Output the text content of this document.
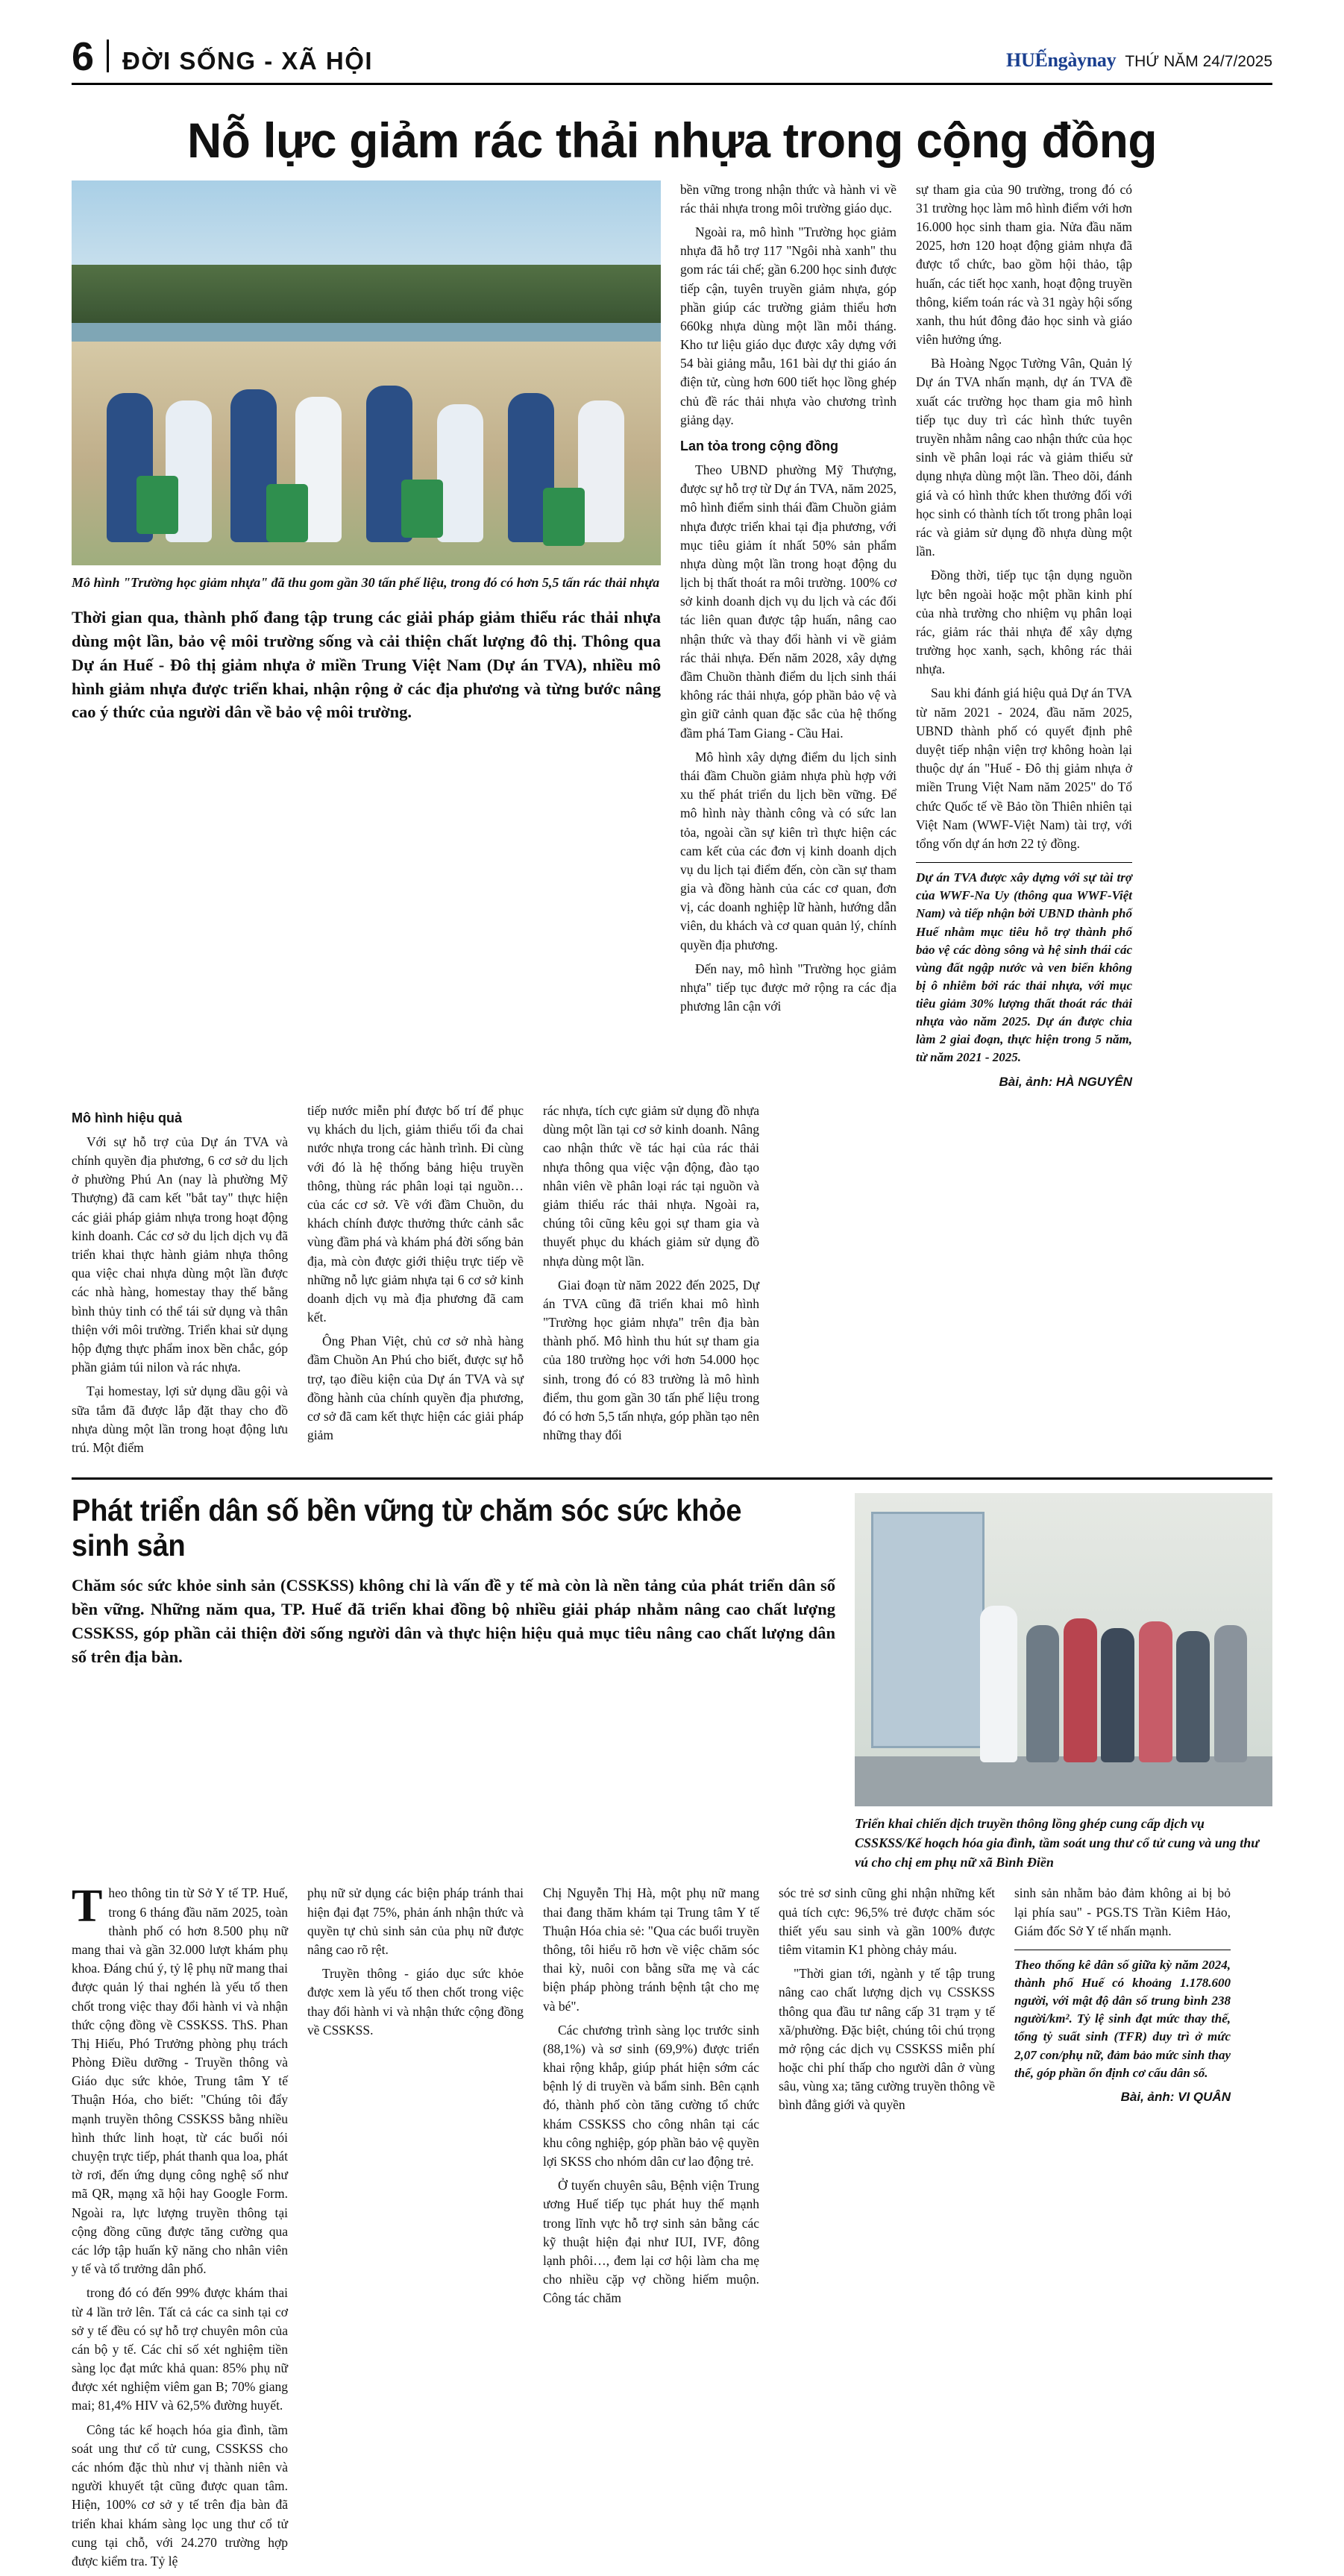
6 ĐỜI SỐNG - XÃ HỘI	HUẾngàynay THỨ NĂM 24/7/2025
Nỗ lực giảm rác thải nhựa trong cộng đồng
Mô hình "Trường học giảm nhựa" đã thu gom gần 30 tấn phế liệu, trong đó có hơn 5,5 tấn rác thải nhựa
Thời gian qua, thành phố đang tập trung các giải pháp giảm thiểu rác thải nhựa dùng một lần, bảo vệ môi trường sống và cải thiện chất lượng đô thị. Thông qua Dự án Huế - Đô thị giảm nhựa ở miền Trung Việt Nam (Dự án TVA), nhiều mô hình giảm nhựa được triển khai, nhận rộng ở các địa phương và từng bước nâng cao ý thức của người dân về bảo vệ môi trường.

bền vững trong nhận thức và hành vi về rác thải nhựa trong môi trường giáo dục.

Ngoài ra, mô hình "Trường học giảm nhựa đã hỗ trợ 117 "Ngôi nhà xanh" thu gom rác tái chế; gần 6.200 học sinh được tiếp cận, tuyên truyền giảm nhựa, góp phần giúp các trường giảm thiểu hơn 660kg nhựa dùng một lần mỗi tháng. Kho tư liệu giáo dục được xây dựng với 54 bài giảng mẫu, 161 bài dự thi giáo án điện tử, cùng hơn 600 tiết học lồng ghép chủ đề rác thải nhựa vào chương trình giảng dạy.

Lan tỏa trong cộng đồng

Theo UBND phường Mỹ Thượng, được sự hỗ trợ từ Dự án TVA, năm 2025, mô hình điểm sinh thái đầm Chuồn giảm nhựa được triển khai tại địa phương, với mục tiêu giảm ít nhất 50% sản phẩm nhựa dùng một lần trong hoạt động du lịch bị thất thoát ra môi trường. 100% cơ sở kinh doanh dịch vụ du lịch và các đối tác liên quan được tập huấn, nâng cao nhận thức và thay đổi hành vi về giảm rác thải nhựa. Đến năm 2028, xây dựng đầm Chuồn thành điểm du lịch sinh thái không rác thải nhựa, góp phần bảo vệ và gìn giữ cảnh quan đặc sắc của hệ thống đầm phá Tam Giang - Cầu Hai.

Mô hình xây dựng điểm du lịch sinh thái đầm Chuồn giảm nhựa phù hợp với xu thế phát triển du lịch bền vững. Để mô hình này thành công và có sức lan tỏa, ngoài cần sự kiên trì thực hiện các cam kết của các đơn vị kinh doanh dịch vụ du lịch tại điểm đến, còn cần sự tham gia và đồng hành của các cơ quan, đơn vị, các doanh nghiệp lữ hành, hướng dẫn viên, du khách và cơ quan quản lý, chính quyền địa phương.

Đến nay, mô hình "Trường học giảm nhựa" tiếp tục được mở rộng ra các địa phương lân cận với

sự tham gia của 90 trường, trong đó có 31 trường học làm mô hình điểm với hơn 16.000 học sinh tham gia. Nửa đầu năm 2025, hơn 120 hoạt động giảm nhựa đã được tổ chức, bao gồm hội thảo, tập huấn, các tiết học xanh, hoạt động truyền thông, kiểm toán rác và 31 ngày hội sống xanh, thu hút đông đảo học sinh và giáo viên hưởng ứng.

Bà Hoàng Ngọc Tường Vân, Quản lý Dự án TVA nhấn mạnh, dự án TVA đề xuất các trường học tham gia mô hình tiếp tục duy trì các hình thức tuyên truyền nhằm nâng cao nhận thức của học sinh về phân loại rác và giảm thiểu sử dụng nhựa dùng một lần. Theo dõi, đánh giá và có hình thức khen thưởng đối với học sinh có thành tích tốt trong phân loại rác và giảm sử dụng đồ nhựa dùng một lần.

Đồng thời, tiếp tục tận dụng nguồn lực bên ngoài hoặc một phần kinh phí của nhà trường cho nhiệm vụ phân loại rác, giảm rác thải nhựa để xây dựng trường học xanh, sạch, không rác thải nhựa.

Sau khi đánh giá hiệu quả Dự án TVA từ năm 2021 - 2024, đầu năm 2025, UBND thành phố có quyết định phê duyệt tiếp nhận viện trợ không hoàn lại thuộc dự án "Huế - Đô thị giảm nhựa ở miền Trung Việt Nam năm 2025" do Tổ chức Quốc tế về Bảo tồn Thiên nhiên tại Việt Nam (WWF-Việt Nam) tài trợ, với tổng vốn dự án hơn 22 tỷ đồng.

Dự án TVA được xây dựng với sự tài trợ của WWF-Na Uy (thông qua WWF-Việt Nam) và tiếp nhận bởi UBND thành phố Huế nhằm mục tiêu hỗ trợ thành phố bảo vệ các dòng sông và hệ sinh thái các vùng đất ngập nước và ven biển không bị ô nhiễm bởi rác thải nhựa, với mục tiêu giảm 30% lượng thất thoát rác thải nhựa vào năm 2025. Dự án được chia làm 2 giai đoạn, thực hiện trong 5 năm, từ năm 2021 - 2025.
Bài, ảnh: HÀ NGUYÊN
Mô hình hiệu quả

Với sự hỗ trợ của Dự án TVA và chính quyền địa phương, 6 cơ sở du lịch ở phường Phú An (nay là phường Mỹ Thượng) đã cam kết "bắt tay" thực hiện các giải pháp giảm nhựa trong hoạt động kinh doanh. Các cơ sở du lịch dịch vụ đã triển khai thực hành giảm nhựa thông qua việc chai nhựa dùng một lần được các nhà hàng, homestay thay thế bằng bình thủy tinh có thể tái sử dụng và thân thiện với môi trường. Triển khai sử dụng hộp đựng thực phẩm inox bền chắc, góp phần giảm túi nilon và rác nhựa.

Tại homestay, lợi sử dụng dầu gội và sữa tắm đã được lắp đặt thay cho đồ nhựa dùng một lần trong hoạt động lưu trú. Một điểm

tiếp nước miễn phí được bố trí để phục vụ khách du lịch, giảm thiểu tối đa chai nước nhựa trong các hành trình. Đi cùng với đó là hệ thống bảng hiệu truyền thông, thùng rác phân loại tại nguồn… của các cơ sở. Về với đầm Chuồn, du khách chính được thưởng thức cảnh sắc vùng đầm phá và khám phá đời sống bản địa, mà còn được giới thiệu trực tiếp về những nỗ lực giảm nhựa tại 6 cơ sở kinh doanh dịch vụ mà địa phương đã cam kết.

Ông Phan Việt, chủ cơ sở nhà hàng đầm Chuồn An Phú cho biết, được sự hỗ trợ, tạo điều kiện của Dự án TVA và sự đồng hành của chính quyền địa phương, cơ sở đã cam kết thực hiện các giải pháp giảm

rác nhựa, tích cực giảm sử dụng đồ nhựa dùng một lần tại cơ sở kinh doanh. Nâng cao nhận thức về tác hại của rác thải nhựa thông qua việc vận động, đào tạo nhân viên về phân loại rác tại nguồn và giảm thiểu rác thải nhựa. Ngoài ra, chúng tôi cũng kêu gọi sự tham gia và thuyết phục du khách giảm sử dụng đồ nhựa dùng một lần.

Giai đoạn từ năm 2022 đến 2025, Dự án TVA cũng đã triển khai mô hình "Trường học giảm nhựa" trên địa bàn thành phố. Mô hình thu hút sự tham gia của 180 trường học với hơn 54.000 học sinh, trong đó có 83 trường là mô hình điểm, thu gom gần 30 tấn phế liệu trong đó có hơn 5,5 tấn nhựa, góp phần tạo nên những thay đổi

Phát triển dân số bền vững từ chăm sóc sức khỏe sinh sản
Chăm sóc sức khỏe sinh sản (CSSKSS) không chỉ là vấn đề y tế mà còn là nền tảng của phát triển dân số bền vững. Những năm qua, TP. Huế đã triển khai đồng bộ nhiều giải pháp nhằm nâng cao chất lượng CSSKSS, góp phần cải thiện đời sống người dân và thực hiện hiệu quả mục tiêu nâng cao chất lượng dân số trên địa bàn.
Triển khai chiến dịch truyền thông lồng ghép cung cấp dịch vụ CSSKSS/Kế hoạch hóa gia đình, tầm soát ung thư cổ tử cung và ung thư vú cho chị em phụ nữ xã Bình Điền

Theo thông tin từ Sở Y tế TP. Huế, trong 6 tháng đầu năm 2025, toàn thành phố có hơn 8.500 phụ nữ mang thai và gần 32.000 lượt khám phụ khoa. Đáng chú ý, tỷ lệ phụ nữ mang thai được quản lý thai nghén là yếu tố then chốt trong việc thay đổi hành vi và nhận thức cộng đồng về CSSKSS. ThS. Phan Thị Hiếu, Phó Trưởng phòng phụ trách Phòng Điều dưỡng - Truyền thông và Giáo dục sức khỏe, Trung tâm Y tế Thuận Hóa, cho biết: "Chúng tôi đẩy mạnh truyền thông CSSKSS bằng nhiều hình thức linh hoạt, từ các buổi nói chuyện trực tiếp, phát thanh qua loa, phát tờ rơi, đến ứng dụng công nghệ số như mã QR, mạng xã hội hay Google Form. Ngoài ra, lực lượng truyền thông tại cộng đồng cũng được tăng cường qua các lớp tập huấn kỹ năng cho nhân viên y tế và tổ trưởng dân phố.

trong đó có đến 99% được khám thai từ 4 lần trở lên. Tất cả các ca sinh tại cơ sở y tế đều có sự hỗ trợ chuyên môn của cán bộ y tế. Các chỉ số xét nghiệm tiền sàng lọc đạt mức khả quan: 85% phụ nữ được xét nghiệm viêm gan B; 70% giang mai; 81,4% HIV và 62,5% đường huyết.

Công tác kế hoạch hóa gia đình, tầm soát ung thư cổ tử cung, CSSKSS cho các nhóm đặc thù như vị thành niên và người khuyết tật cũng được quan tâm. Hiện, 100% cơ sở y tế trên địa bàn đã triển khai khám sàng lọc ung thư cổ tử cung tại chỗ, với 24.270 trường hợp được kiểm tra. Tỷ lệ

phụ nữ sử dụng các biện pháp tránh thai hiện đại đạt 75%, phản ánh nhận thức và quyền tự chủ sinh sản của phụ nữ được nâng cao rõ rệt.

Truyền thông - giáo dục sức khỏe được xem là yếu tố then chốt trong việc thay đổi hành vi và nhận thức cộng đồng về CSSKSS.

Chị Nguyễn Thị Hà, một phụ nữ mang thai đang thăm khám tại Trung tâm Y tế Thuận Hóa chia sẻ: "Qua các buổi truyền thông, tôi hiểu rõ hơn về việc chăm sóc thai kỳ, nuôi con bằng sữa mẹ và các biện pháp phòng tránh bệnh tật cho mẹ và bé".

Các chương trình sàng lọc trước sinh (88,1%) và sơ sinh (69,9%) được triển khai rộng khắp, giúp phát hiện sớm các bệnh lý di truyền và bẩm sinh. Bên cạnh đó, thành phố còn tăng cường tổ chức khám CSSKSS cho công nhân tại các khu công nghiệp, góp phần bảo vệ quyền lợi SKSS cho nhóm dân cư lao động trẻ.

Ở tuyến chuyên sâu, Bệnh viện Trung ương Huế tiếp tục phát huy thế mạnh trong lĩnh vực hỗ trợ sinh sản bằng các kỹ thuật hiện đại như IUI, IVF, đông lạnh phôi…, đem lại cơ hội làm cha mẹ cho nhiều cặp vợ chồng hiếm muộn. Công tác chăm

sóc trẻ sơ sinh cũng ghi nhận những kết quả tích cực: 96,5% trẻ được chăm sóc thiết yếu sau sinh và gần 100% được tiêm vitamin K1 phòng chảy máu.

"Thời gian tới, ngành y tế tập trung nâng cao chất lượng dịch vụ CSSKSS thông qua đầu tư nâng cấp 31 trạm y tế xã/phường. Đặc biệt, chúng tôi chú trọng mở rộng các dịch vụ CSSKSS miễn phí hoặc chi phí thấp cho người dân ở vùng sâu, vùng xa; tăng cường truyền thông về bình đẳng giới và quyền

sinh sản nhằm bảo đảm không ai bị bỏ lại phía sau" - PGS.TS Trần Kiêm Hảo, Giám đốc Sở Y tế nhấn mạnh.

Theo thống kê dân số giữa kỳ năm 2024, thành phố Huế có khoảng 1.178.600 người, với mật độ dân số trung bình 238 người/km². Tỷ lệ sinh đạt mức thay thế, tổng tỷ suất sinh (TFR) duy trì ở mức 2,07 con/phụ nữ, đảm bảo mức sinh thay thế, góp phần ổn định cơ cấu dân số.
Bài, ảnh: VI QUÂN
